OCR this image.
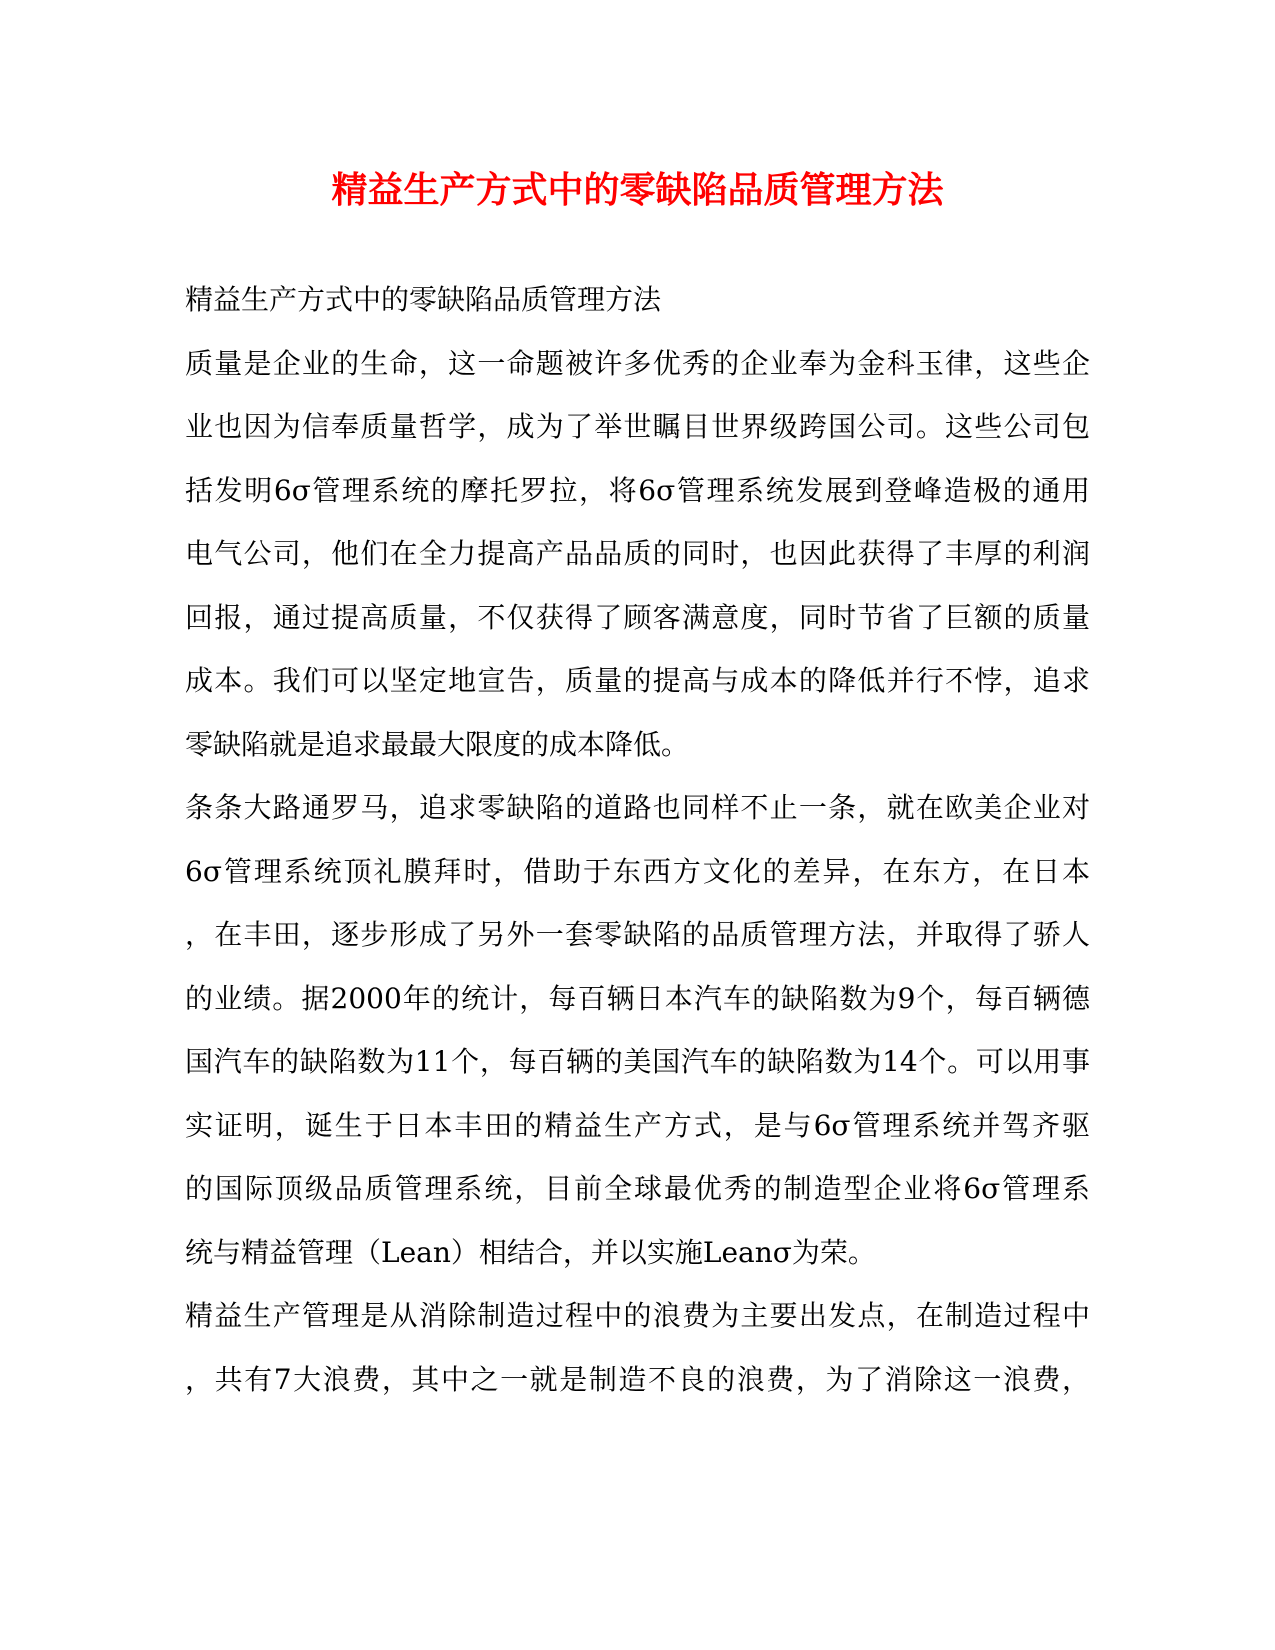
精益生产方式中的零缺陷品质管理方法
精益生产方式中的零缺陷品质管理方法
质量是企业的生命，这一命题被许多优秀的企业奉为金科玉律，这些企
业也因为信奉质量哲学，成为了举世瞩目世界级跨国公司。这些公司包
括发明6σ管理系统的摩托罗拉，将6σ管理系统发展到登峰造极的通用
电气公司，他们在全力提高产品品质的同时，也因此获得了丰厚的利润
回报，通过提高质量，不仅获得了顾客满意度，同时节省了巨额的质量
成本。我们可以坚定地宣告，质量的提高与成本的降低并行不悖，追求
零缺陷就是追求最最大限度的成本降低。
条条大路通罗马，追求零缺陷的道路也同样不止一条，就在欧美企业对
6σ管理系统顶礼膜拜时，借助于东西方文化的差异，在东方，在日本
，在丰田，逐步形成了另外一套零缺陷的品质管理方法，并取得了骄人
的业绩。据2000年的统计，每百辆日本汽车的缺陷数为9个，每百辆德
国汽车的缺陷数为11个，每百辆的美国汽车的缺陷数为14个。可以用事
实证明，诞生于日本丰田的精益生产方式，是与6σ管理系统并驾齐驱
的国际顶级品质管理系统，目前全球最优秀的制造型企业将6σ管理系
统与精益管理（Lean）相结合，并以实施Leanσ为荣。
精益生产管理是从消除制造过程中的浪费为主要出发点，在制造过程中
，共有7大浪费，其中之一就是制造不良的浪费，为了消除这一浪费，
